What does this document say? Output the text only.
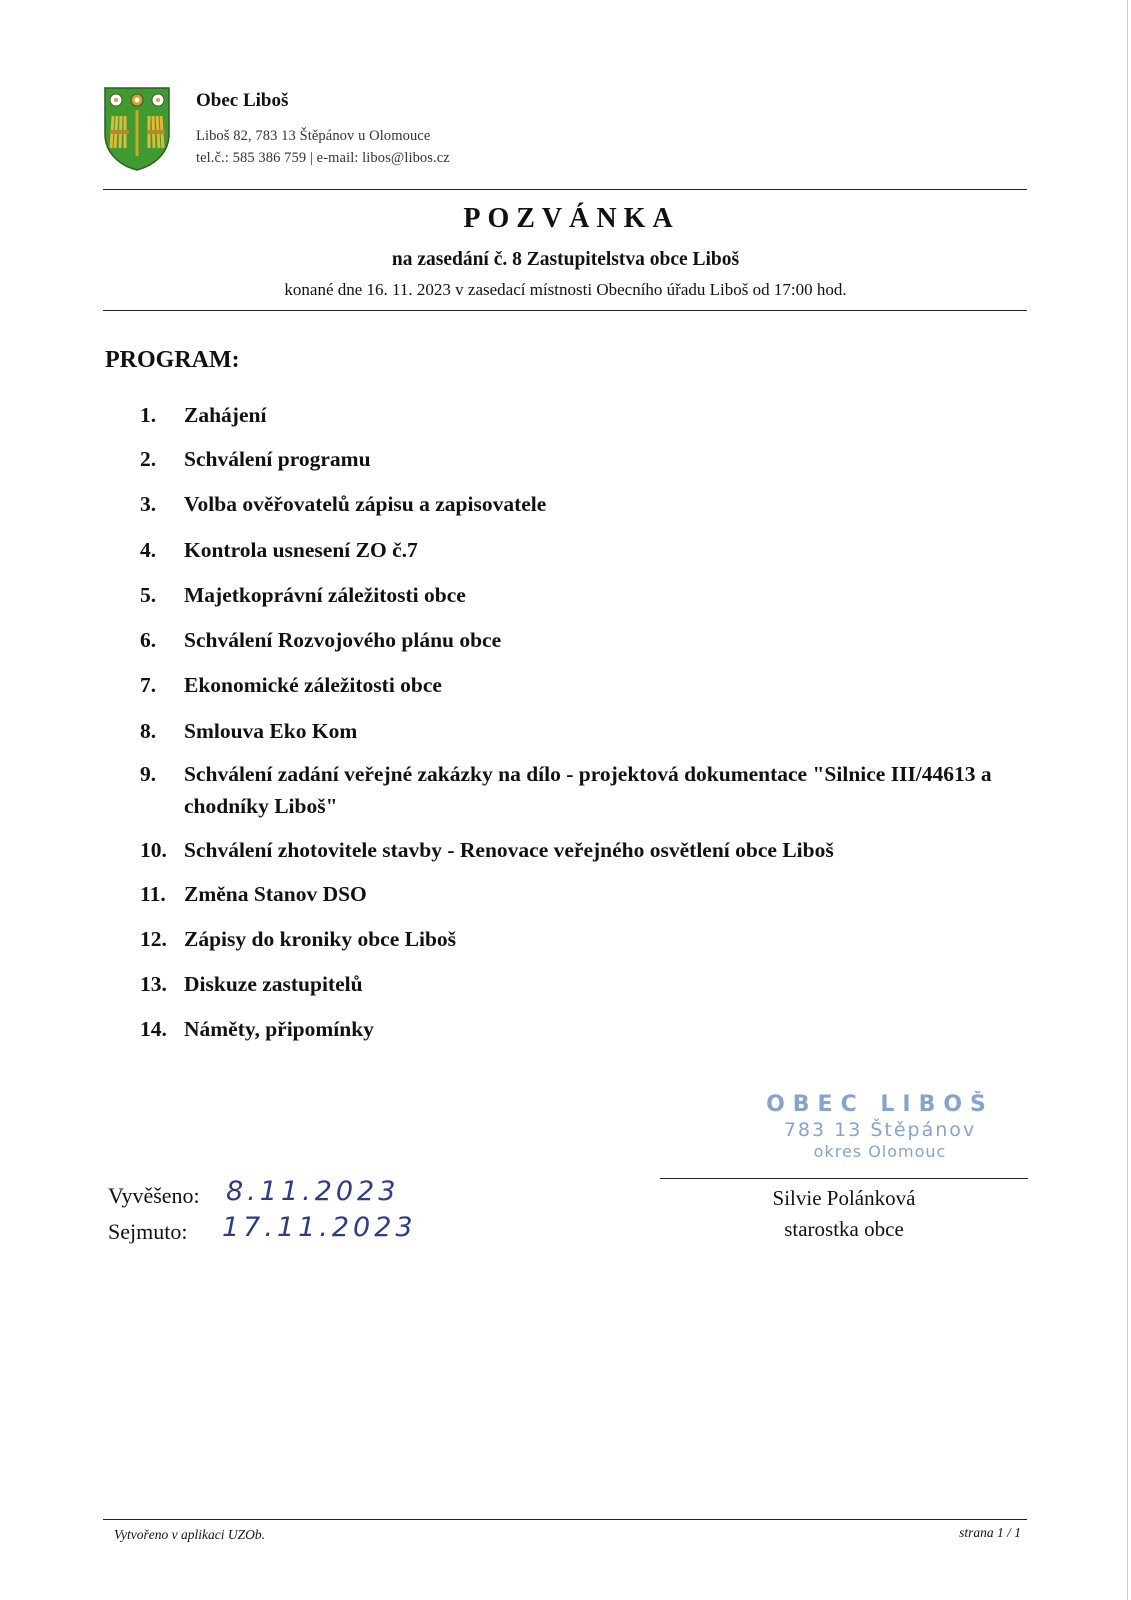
Obec Liboš
Liboš 82, 783 13 Štěpánov u Olomouce
tel.č.: 585 386 759 | e-mail: libos@libos.cz
POZVÁNKA
na zasedání č. 8 Zastupitelstva obce Liboš
konané dne 16. 11. 2023 v zasedací místnosti Obecního úřadu Liboš od 17:00 hod.
PROGRAM:
1.	Zahájení
2.	Schválení programu
3.	Volba ověřovatelů zápisu a zapisovatele
4.	Kontrola usnesení ZO č.7
5.	Majetkoprávní záležitosti obce
6.	Schválení Rozvojového plánu obce
7.	Ekonomické záležitosti obce
8.	Smlouva Eko Kom
9.	Schválení zadání veřejné zakázky na dílo - projektová dokumentace "Silnice III/44613 a chodníky Liboš"
10. Schválení zhotovitele stavby - Renovace veřejného osvětlení obce Liboš
11. Změna Stanov DSO
12. Zápisy do kroniky obce Liboš
13. Diskuze zastupitelů
14. Náměty, připomínky
Vyvěšeno: 8.11.2023
Sejmuto: 17.11.2023
OBEC LIBOŠ
783 13 Štěpánov
okres Olomouc
Silvie Polánková
starostka obce
Vytvořeno v aplikaci UZOb.	strana 1 / 1
